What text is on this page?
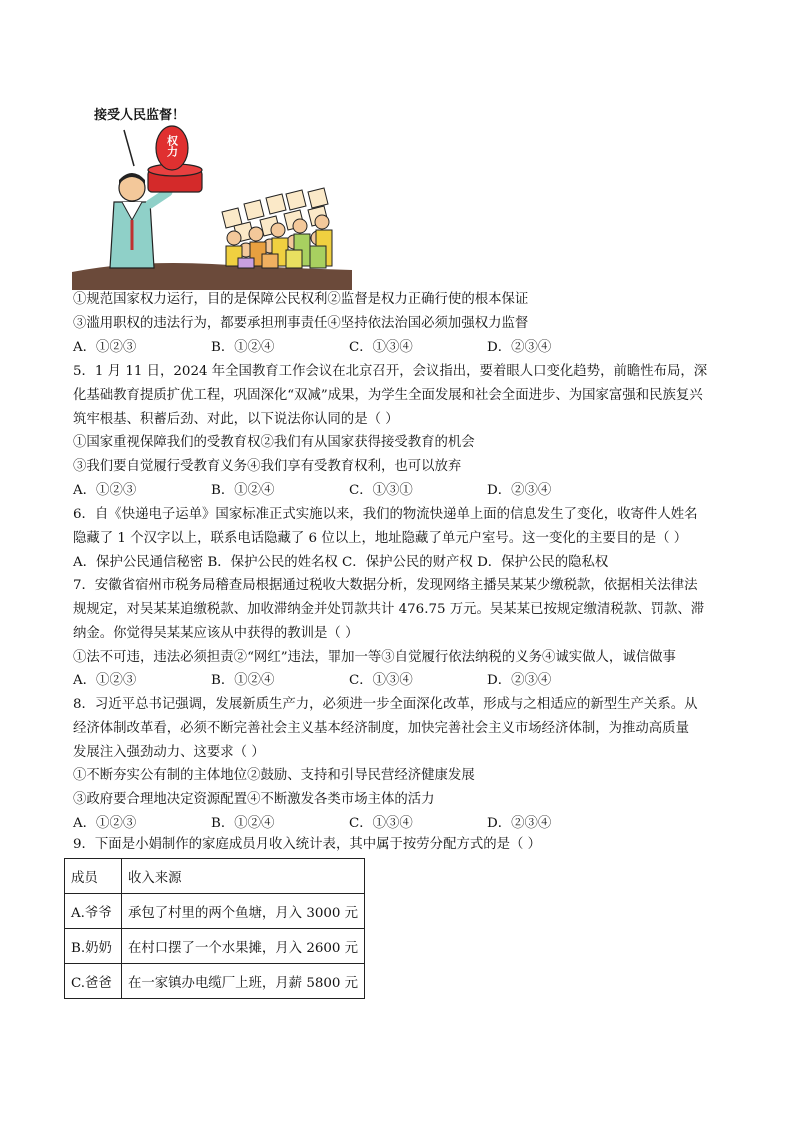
权力
接受人民监督！
①规范国家权力运行，目的是保障公民权利②监督是权力正确行使的根本保证
③滥用职权的违法行为，都要承担刑事责任④坚持依法治国必须加强权力监督
A．①②③	B．①②④	C．①③④	D．②③④
5．1 月 11 日，2024 年全国教育工作会议在北京召开，会议指出，要着眼人口变化趋势，前瞻性布局，深
化基础教育提质扩优工程，巩固深化“双减”成果，为学生全面发展和社会全面进步、为国家富强和民族复兴
筑牢根基、积蓄后劲、对此，以下说法你认同的是（ ）
①国家重视保障我们的受教育权②我们有从国家获得接受教育的机会
③我们要自觉履行受教育义务④我们享有受教育权利，也可以放弃
A．①②③	B．①②④	C．①③①	D．②③④
6．自《快递电子运单》国家标准正式实施以来，我们的物流快递单上面的信息发生了变化，收寄件人姓名
隐藏了 1 个汉字以上，联系电话隐藏了 6 位以上，地址隐藏了单元户室号。这一变化的主要目的是（ ）
A．保护公民通信秘密 B．保护公民的姓名权 C．保护公民的财产权 D．保护公民的隐私权
7．安徽省宿州市税务局稽查局根据通过税收大数据分析，发现网络主播吴某某少缴税款，依据相关法律法
规规定，对吴某某追缴税款、加收滞纳金并处罚款共计 476.75 万元。吴某某已按规定缴清税款、罚款、滞
纳金。你觉得吴某某应该从中获得的教训是（ ）
①法不可违，违法必须担责②“网红”违法，罪加一等③自觉履行依法纳税的义务④诚实做人，诚信做事
A．①②③	B．①②④	C．①③④	D．②③④
8．习近平总书记强调，发展新质生产力，必须进一步全面深化改革，形成与之相适应的新型生产关系。从
经济体制改革看，必须不断完善社会主义基本经济制度，加快完善社会主义市场经济体制，为推动高质量
发展注入强劲动力、这要求（ ）
①不断夯实公有制的主体地位②鼓励、支持和引导民营经济健康发展
③政府要合理地决定资源配置④不断激发各类市场主体的活力
A．①②③	B．①②④	C．①③④	D．②③④
9．下面是小娟制作的家庭成员月收入统计表，其中属于按劳分配方式的是（ ）
成员	收入来源
A.爷爷	承包了村里的两个鱼塘，月入 3000 元
B.奶奶	在村口摆了一个水果摊，月入 2600 元
C.爸爸	在一家镇办电缆厂上班，月薪 5800 元
